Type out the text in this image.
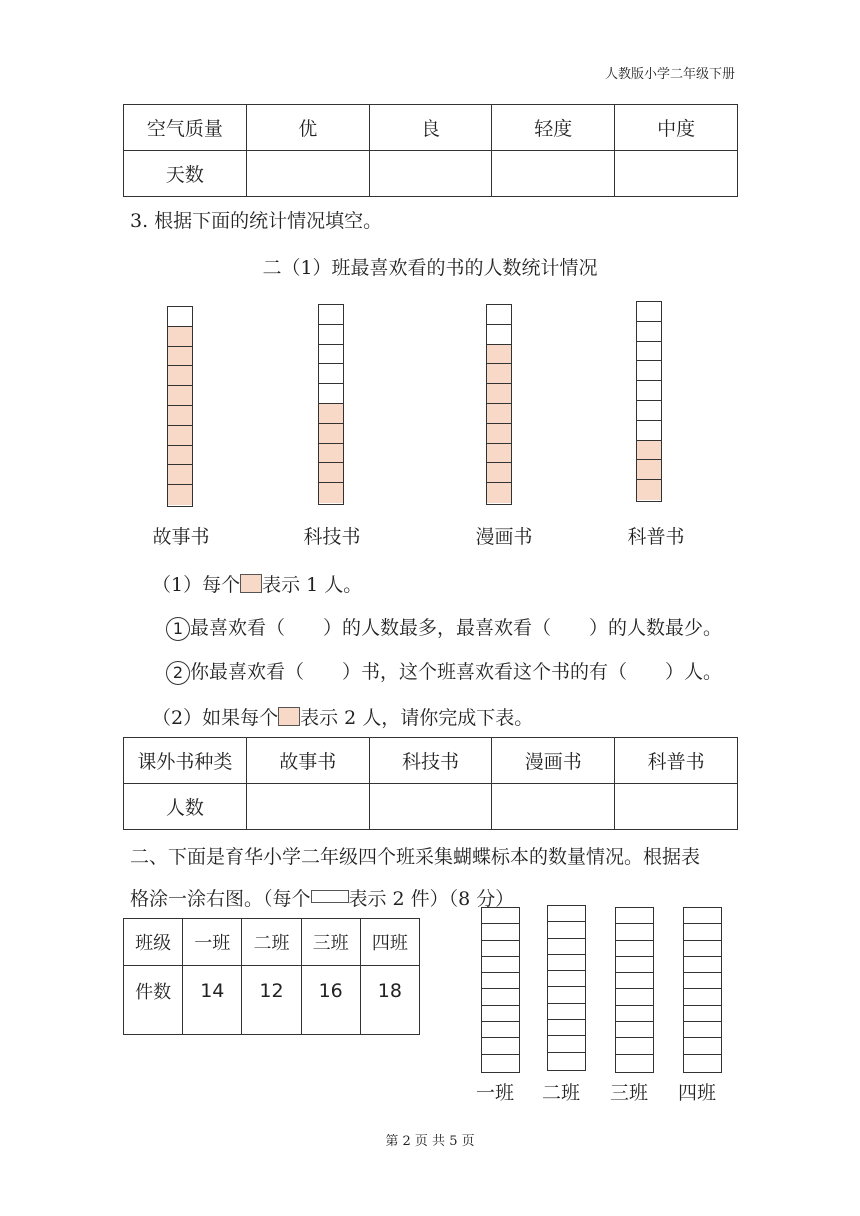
人教版小学二年级下册
空气质量	优	良	轻度	中度
天数				
3. 根据下面的统计情况填空。
二（1）班最喜欢看的书的人数统计情况
故事书	科技书	漫画书	科普书
（1）每个 表示 1 人。
1 最喜欢看（　　）的人数最多，最喜欢看（　　）的人数最少。
2 你最喜欢看（　　）书，这个班喜欢看这个书的有（　　）人。
（2）如果每个 表示 2 人，请你完成下表。
课外书种类	故事书	科技书	漫画书	科普书
人数				
二、下面是育华小学二年级四个班采集蝴蝶标本的数量情况。根据表
格涂一涂右图。（每个 表示 2 件）（8 分）
班级	一班	二班	三班	四班
件数	14	12	16	18
一班	二班	三班	四班
第 2 页 共 5 页
